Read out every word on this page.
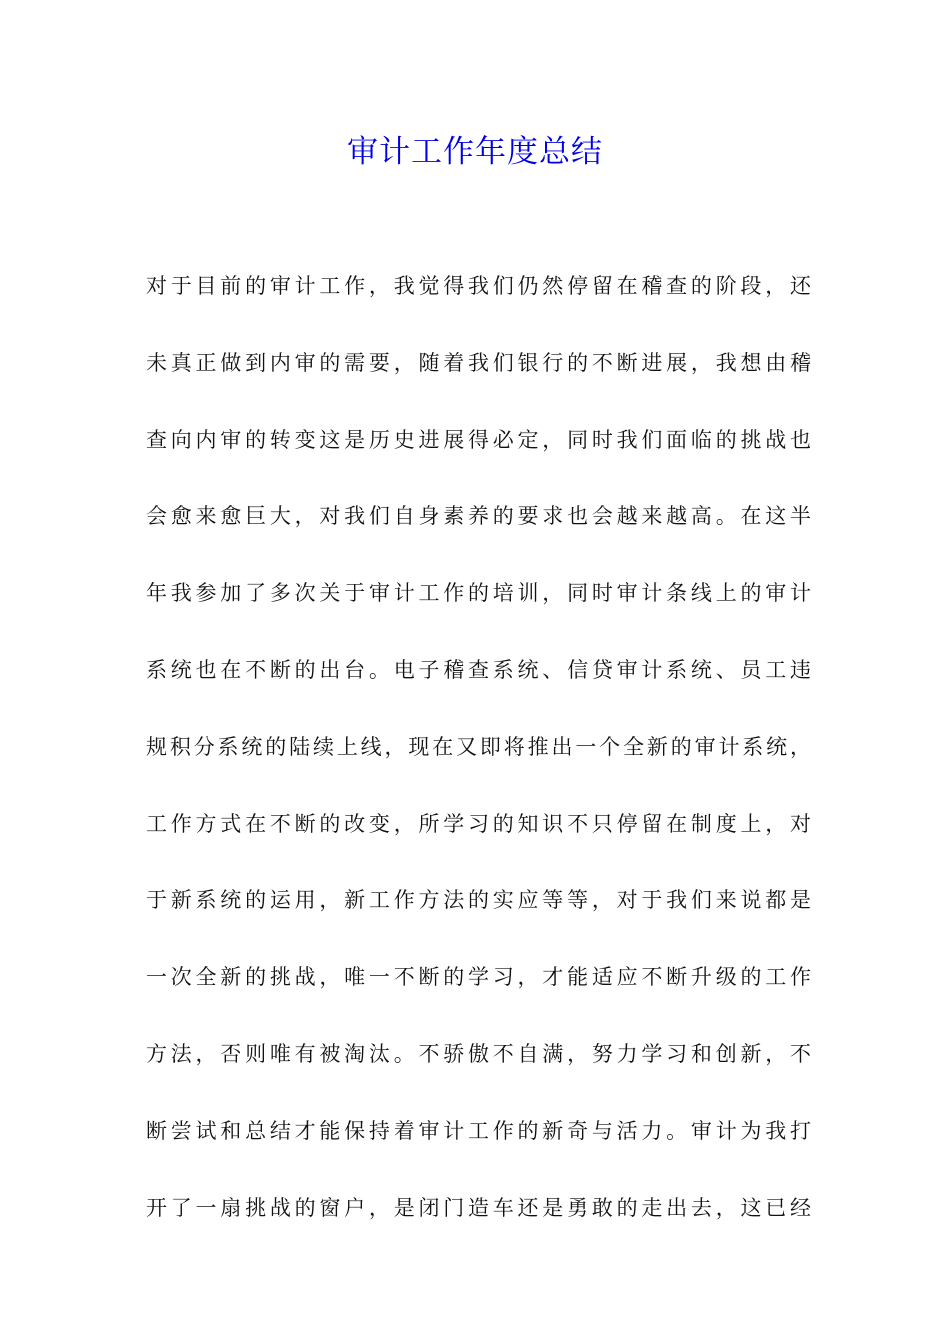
审计工作年度总结
对于目前的审计工作，我觉得我们仍然停留在稽查的阶段，还
未真正做到内审的需要，随着我们银行的不断进展，我想由稽
查向内审的转变这是历史进展得必定，同时我们面临的挑战也
会愈来愈巨大，对我们自身素养的要求也会越来越高。在这半
年我参加了多次关于审计工作的培训，同时审计条线上的审计
系统也在不断的出台。电子稽查系统、信贷审计系统、员工违
规积分系统的陆续上线，现在又即将推出一个全新的审计系统，
工作方式在不断的改变，所学习的知识不只停留在制度上，对
于新系统的运用，新工作方法的实应等等，对于我们来说都是
一次全新的挑战，唯一不断的学习，才能适应不断升级的工作
方法，否则唯有被淘汰。不骄傲不自满，努力学习和创新，不
断尝试和总结才能保持着审计工作的新奇与活力。审计为我打
开了一扇挑战的窗户，是闭门造车还是勇敢的走出去，这已经
